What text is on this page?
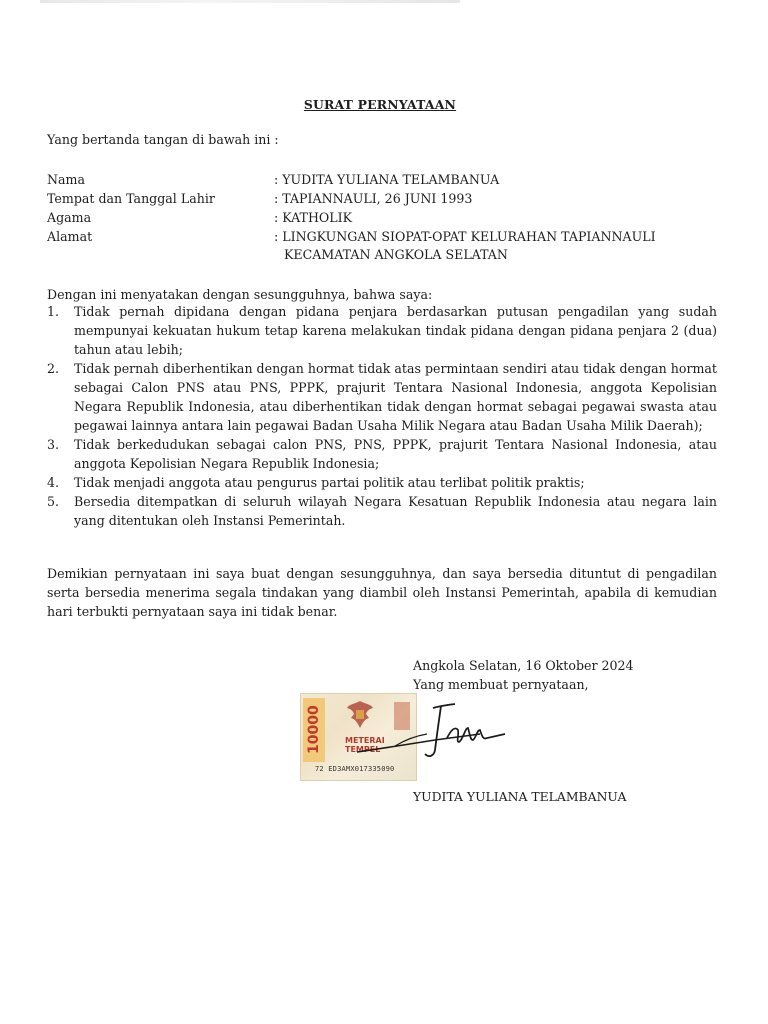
SURAT PERNYATAAN
Yang bertanda tangan di bawah ini :
Nama	: YUDITA YULIANA TELAMBANUA
Tempat dan Tanggal Lahir	: TAPIANNAULI, 26 JUNI 1993
Agama	: KATHOLIK
Alamat	: LINGKUNGAN SIOPAT-OPAT KELURAHAN TAPIANNAULI
KECAMATAN ANGKOLA SELATAN
Dengan ini menyatakan dengan sesungguhnya, bahwa saya:
1. Tidak pernah dipidana dengan pidana penjara berdasarkan putusan pengadilan yang sudah mempunyai kekuatan hukum tetap karena melakukan tindak pidana dengan pidana penjara 2 (dua) tahun atau lebih;
2. Tidak pernah diberhentikan dengan hormat tidak atas permintaan sendiri atau tidak dengan hormat sebagai Calon PNS atau PNS, PPPK, prajurit Tentara Nasional Indonesia, anggota Kepolisian Negara Republik Indonesia, atau diberhentikan tidak dengan hormat sebagai pegawai swasta atau pegawai lainnya antara lain pegawai Badan Usaha Milik Negara atau Badan Usaha Milik Daerah);
3. Tidak berkedudukan sebagai calon PNS, PNS, PPPK, prajurit Tentara Nasional Indonesia, atau anggota Kepolisian Negara Republik Indonesia;
4. Tidak menjadi anggota atau pengurus partai politik atau terlibat politik praktis;
5. Bersedia ditempatkan di seluruh wilayah Negara Kesatuan Republik Indonesia atau negara lain yang ditentukan oleh Instansi Pemerintah.
Demikian pernyataan ini saya buat dengan sesungguhnya, dan saya bersedia dituntut di pengadilan serta bersedia menerima segala tindakan yang diambil oleh Instansi Pemerintah, apabila di kemudian hari terbukti pernyataan saya ini tidak benar.
Angkola Selatan, 16 Oktober 2024
Yang membuat pernyataan,
10000	METERAI
TEMPEL
72 ED3AMX017335090
YUDITA YULIANA TELAMBANUA
